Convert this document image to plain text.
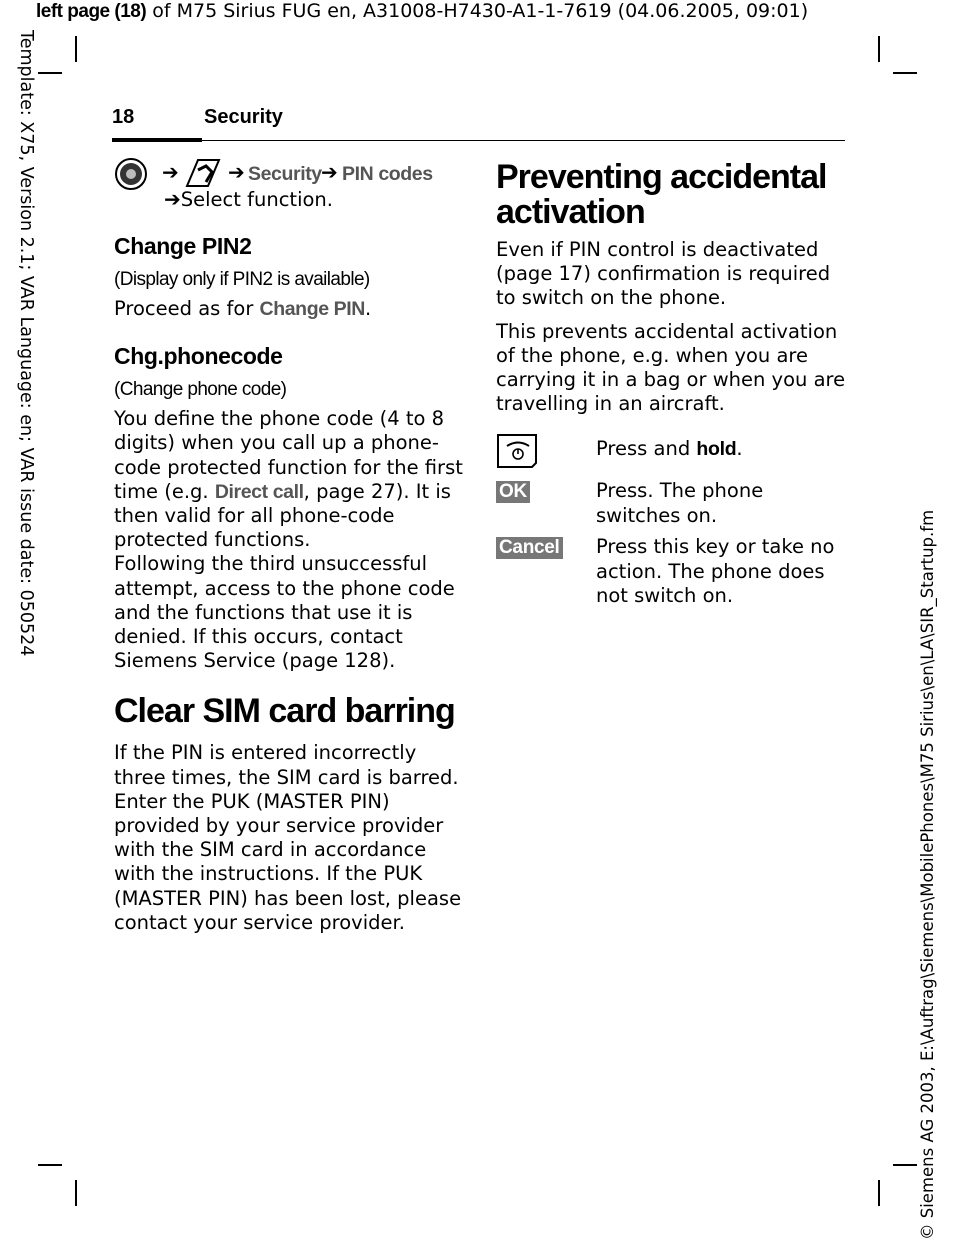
left page (18) of M75 Sirius FUG en, A31008-H7430-A1-1-7619 (04.06.2005, 09:01)
Template: X75, Version 2.1; VAR Language: en; VAR issue date: 050524
© Siemens AG 2003, E:\Auftrag\Siemens\MobilePhones\M75 Sirius\en\LA\SIR_Startup.fm
18	Security
➔ ➔ Security ➔ PIN codes
➔Select function.

Change PIN2

(Display only if PIN2 is available)

Proceed as for Change PIN.

Chg.phonecode

(Change phone code)

You define the phone code (4 to 8 digits) when you call up a phone-code protected function for the first time (e.g. Direct call, page 27). It is then valid for all phone-code protected functions.

Following the third unsuccessful attempt, access to the phone code and the functions that use it is denied. If this occurs, contact Siemens Service (page 128).

Clear SIM card barring

If the PIN is entered incorrectly three times, the SIM card is barred. Enter the PUK (MASTER PIN) provided by your service provider with the SIM card in accordance with the instructions. If the PUK (MASTER PIN) has been lost, please contact your service provider.

Preventing accidental activation

Even if PIN control is deactivated (page 17) confirmation is required to switch on the phone.

This prevents accidental activation of the phone, e.g. when you are carrying it in a bag or when you are travelling in an aircraft.

Press and hold.
OK	Press. The phone switches on.
Cancel Press this key or take no action. The phone does not switch on.
